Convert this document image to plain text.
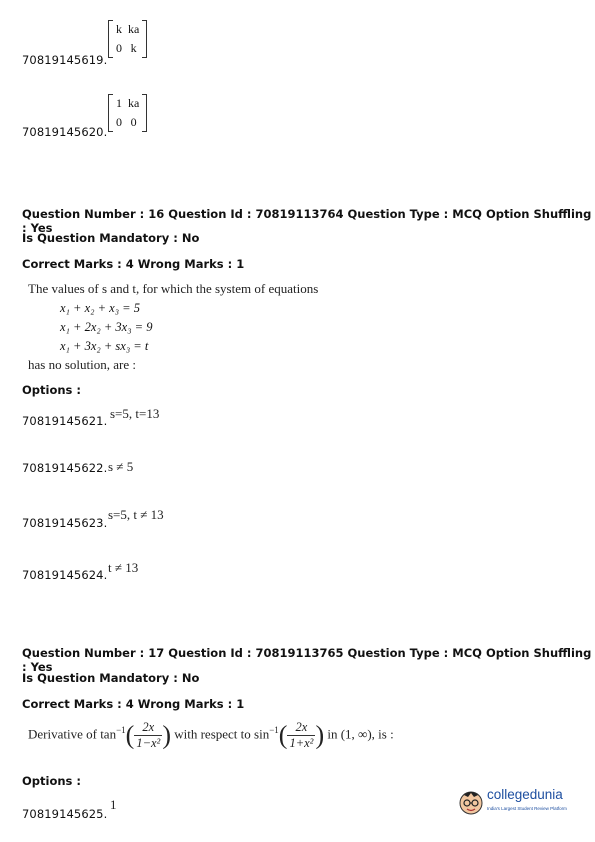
70819145619.
k	ka
0	k
70819145620.
1	ka
0	0
Question Number : 16 Question Id : 70819113764 Question Type : MCQ Option Shuffling : Yes
Is Question Mandatory : No
Correct Marks : 4 Wrong Marks : 1
The values of s and t, for which the system of equations
x₁ + x₂ + x₃ = 5
x₁ + 2x₂ + 3x₃ = 9
x₁ + 3x₂ + sx₃ = t
has no solution, are :
Options :
70819145621. s=5, t=13
70819145622. s ≠ 5
70819145623.
s=5, t ≠ 13
70819145624. t ≠ 13
Question Number : 17 Question Id : 70819113765 Question Type : MCQ Option Shuffling : Yes
Is Question Mandatory : No
Correct Marks : 4 Wrong Marks : 1
Derivative of $\tan^{-1}( \frac{2x}{\text{1−x²}}$ ) with respect to $\sin^{-1}( \frac{2x}{\text{1+x²}}$ ) in (1, ∞), is :
Options :
70819145625.
1
collegedunia
India's Largest Student Review Platform
